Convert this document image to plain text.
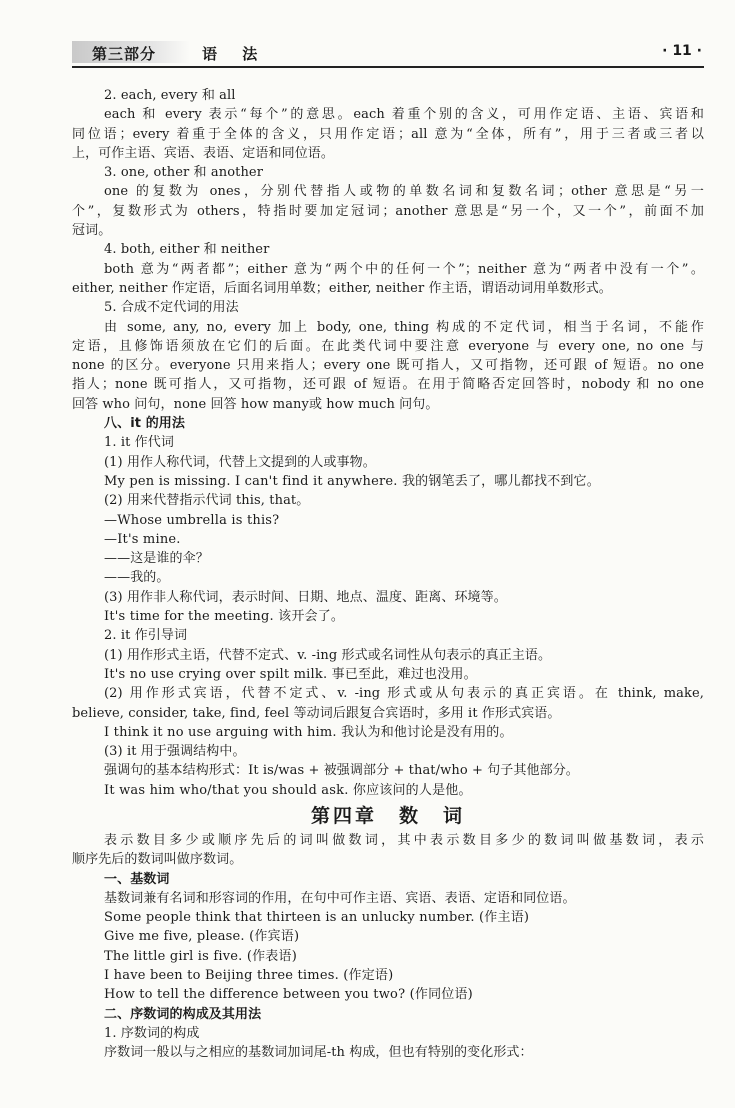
第三部分	语 法	· 11 ·
2. each, every 和 all
each 和 every 表示“每个”的意思。each 着重个别的含义，可用作定语、主语、宾语和
同位语；every 着重于全体的含义，只用作定语；all 意为“全体，所有”，用于三者或三者以
上，可作主语、宾语、表语、定语和同位语。
3. one, other 和 another
one 的复数为 ones，分别代替指人或物的单数名词和复数名词；other 意思是“另一
个”，复数形式为 others，特指时要加定冠词；another 意思是“另一个，又一个”，前面不加
冠词。
4. both, either 和 neither
both 意为“两者都”；either 意为“两个中的任何一个”；neither 意为“两者中没有一个”。
either, neither 作定语，后面名词用单数；either, neither 作主语，谓语动词用单数形式。
5. 合成不定代词的用法
由 some, any, no, every 加上 body, one, thing 构成的不定代词，相当于名词，不能作
定语，且修饰语须放在它们的后面。在此类代词中要注意 everyone 与 every one, no one 与
none 的区分。everyone 只用来指人；every one 既可指人，又可指物，还可跟 of 短语。no one
指人；none 既可指人，又可指物，还可跟 of 短语。在用于简略否定回答时，nobody 和 no one
回答 who 问句，none 回答 how many或 how much 问句。
八、it 的用法
1. it 作代词
(1) 用作人称代词，代替上文提到的人或事物。
My pen is missing. I can't find it anywhere. 我的钢笔丢了，哪儿都找不到它。
(2) 用来代替指示代词 this, that。
—Whose umbrella is this?
—It's mine.
——这是谁的伞？
——我的。
(3) 用作非人称代词，表示时间、日期、地点、温度、距离、环境等。
It's time for the meeting. 该开会了。
2. it 作引导词
(1) 用作形式主语，代替不定式、v. -ing 形式或名词性从句表示的真正主语。
It's no use crying over spilt milk. 事已至此，难过也没用。
(2) 用作形式宾语，代替不定式、v. -ing 形式或从句表示的真正宾语。在 think, make,
believe, consider, take, find, feel 等动词后跟复合宾语时，多用 it 作形式宾语。
I think it no use arguing with him. 我认为和他讨论是没有用的。
(3) it 用于强调结构中。
强调句的基本结构形式：It is/was + 被强调部分 + that/who + 句子其他部分。
It was him who/that you should ask. 你应该问的人是他。
第四章　数　词
表示数目多少或顺序先后的词叫做数词，其中表示数目多少的数词叫做基数词，表示
顺序先后的数词叫做序数词。
一、基数词
基数词兼有名词和形容词的作用，在句中可作主语、宾语、表语、定语和同位语。
Some people think that thirteen is an unlucky number. (作主语)
Give me five, please. (作宾语)
The little girl is five. (作表语)
I have been to Beijing three times. (作定语)
How to tell the difference between you two? (作同位语)
二、序数词的构成及其用法
1. 序数词的构成
序数词一般以与之相应的基数词加词尾-th 构成，但也有特别的变化形式：
